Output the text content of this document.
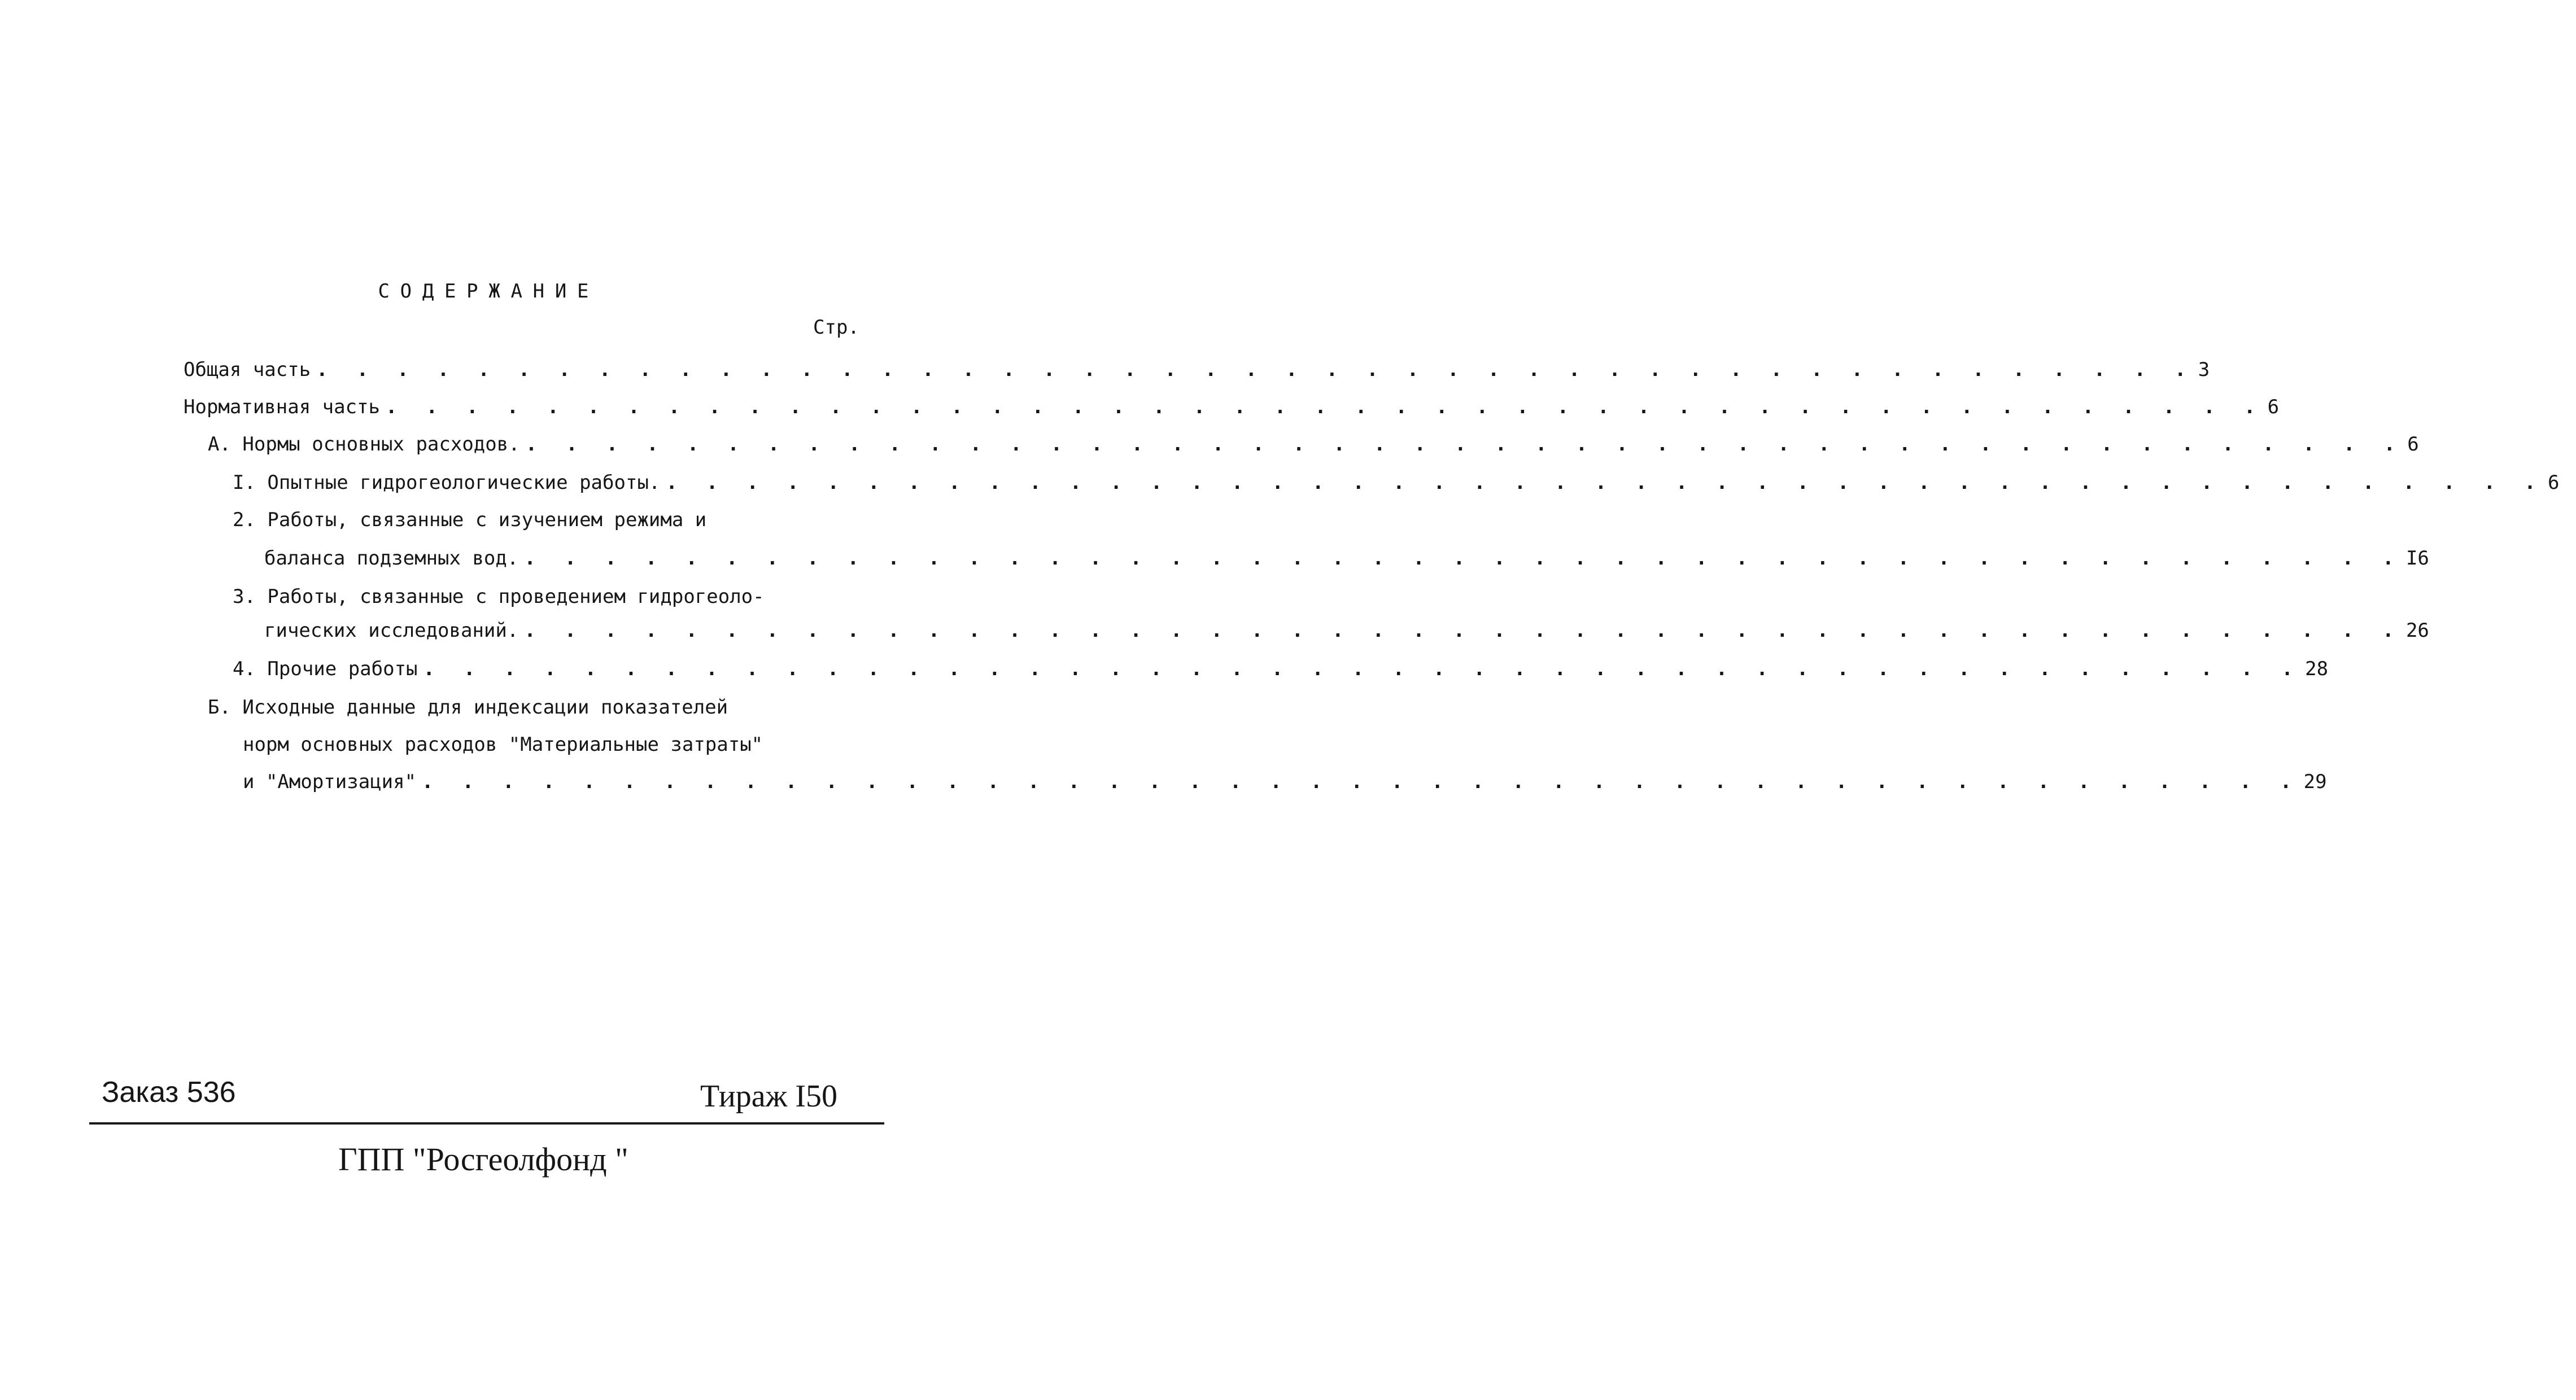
СОДЕРЖАНИЕ
Стр.
Общая часть . . . . . . . . . . . . . . . . . . . . . . . . . . . . . . . . . . . . . . . . . . . . . . . 3
Нормативная часть . . . . . . . . . . . . . . . . . . . . . . . . . . . . . . . . . . . . . . . . . . . . . . . 6
А. Нормы основных расходов. . . . . . . . . . . . . . . . . . . . . . . . . . . . . . . . . . . . . . . . . . . . . . . . 6
I. Опытные гидрогеологические работы. . . . . . . . . . . . . . . . . . . . . . . . . . . . . . . . . . . . . . . . . . . . . . . . 6
2. Работы, связанные с изучением режима и
баланса подземных вод. . . . . . . . . . . . . . . . . . . . . . . . . . . . . . . . . . . . . . . . . . . . . . . . I6
3. Работы, связанные с проведением гидрогеоло-
гических исследований. . . . . . . . . . . . . . . . . . . . . . . . . . . . . . . . . . . . . . . . . . . . . . . . 26
4. Прочие работы . . . . . . . . . . . . . . . . . . . . . . . . . . . . . . . . . . . . . . . . . . . . . . . 28
Б. Исходные данные для индексации показателей
норм основных расходов "Материальные затраты"
и "Амортизация" . . . . . . . . . . . . . . . . . . . . . . . . . . . . . . . . . . . . . . . . . . . . . . . 29
Заказ 536	Тираж I50
ГПП "Росгеолфонд "
